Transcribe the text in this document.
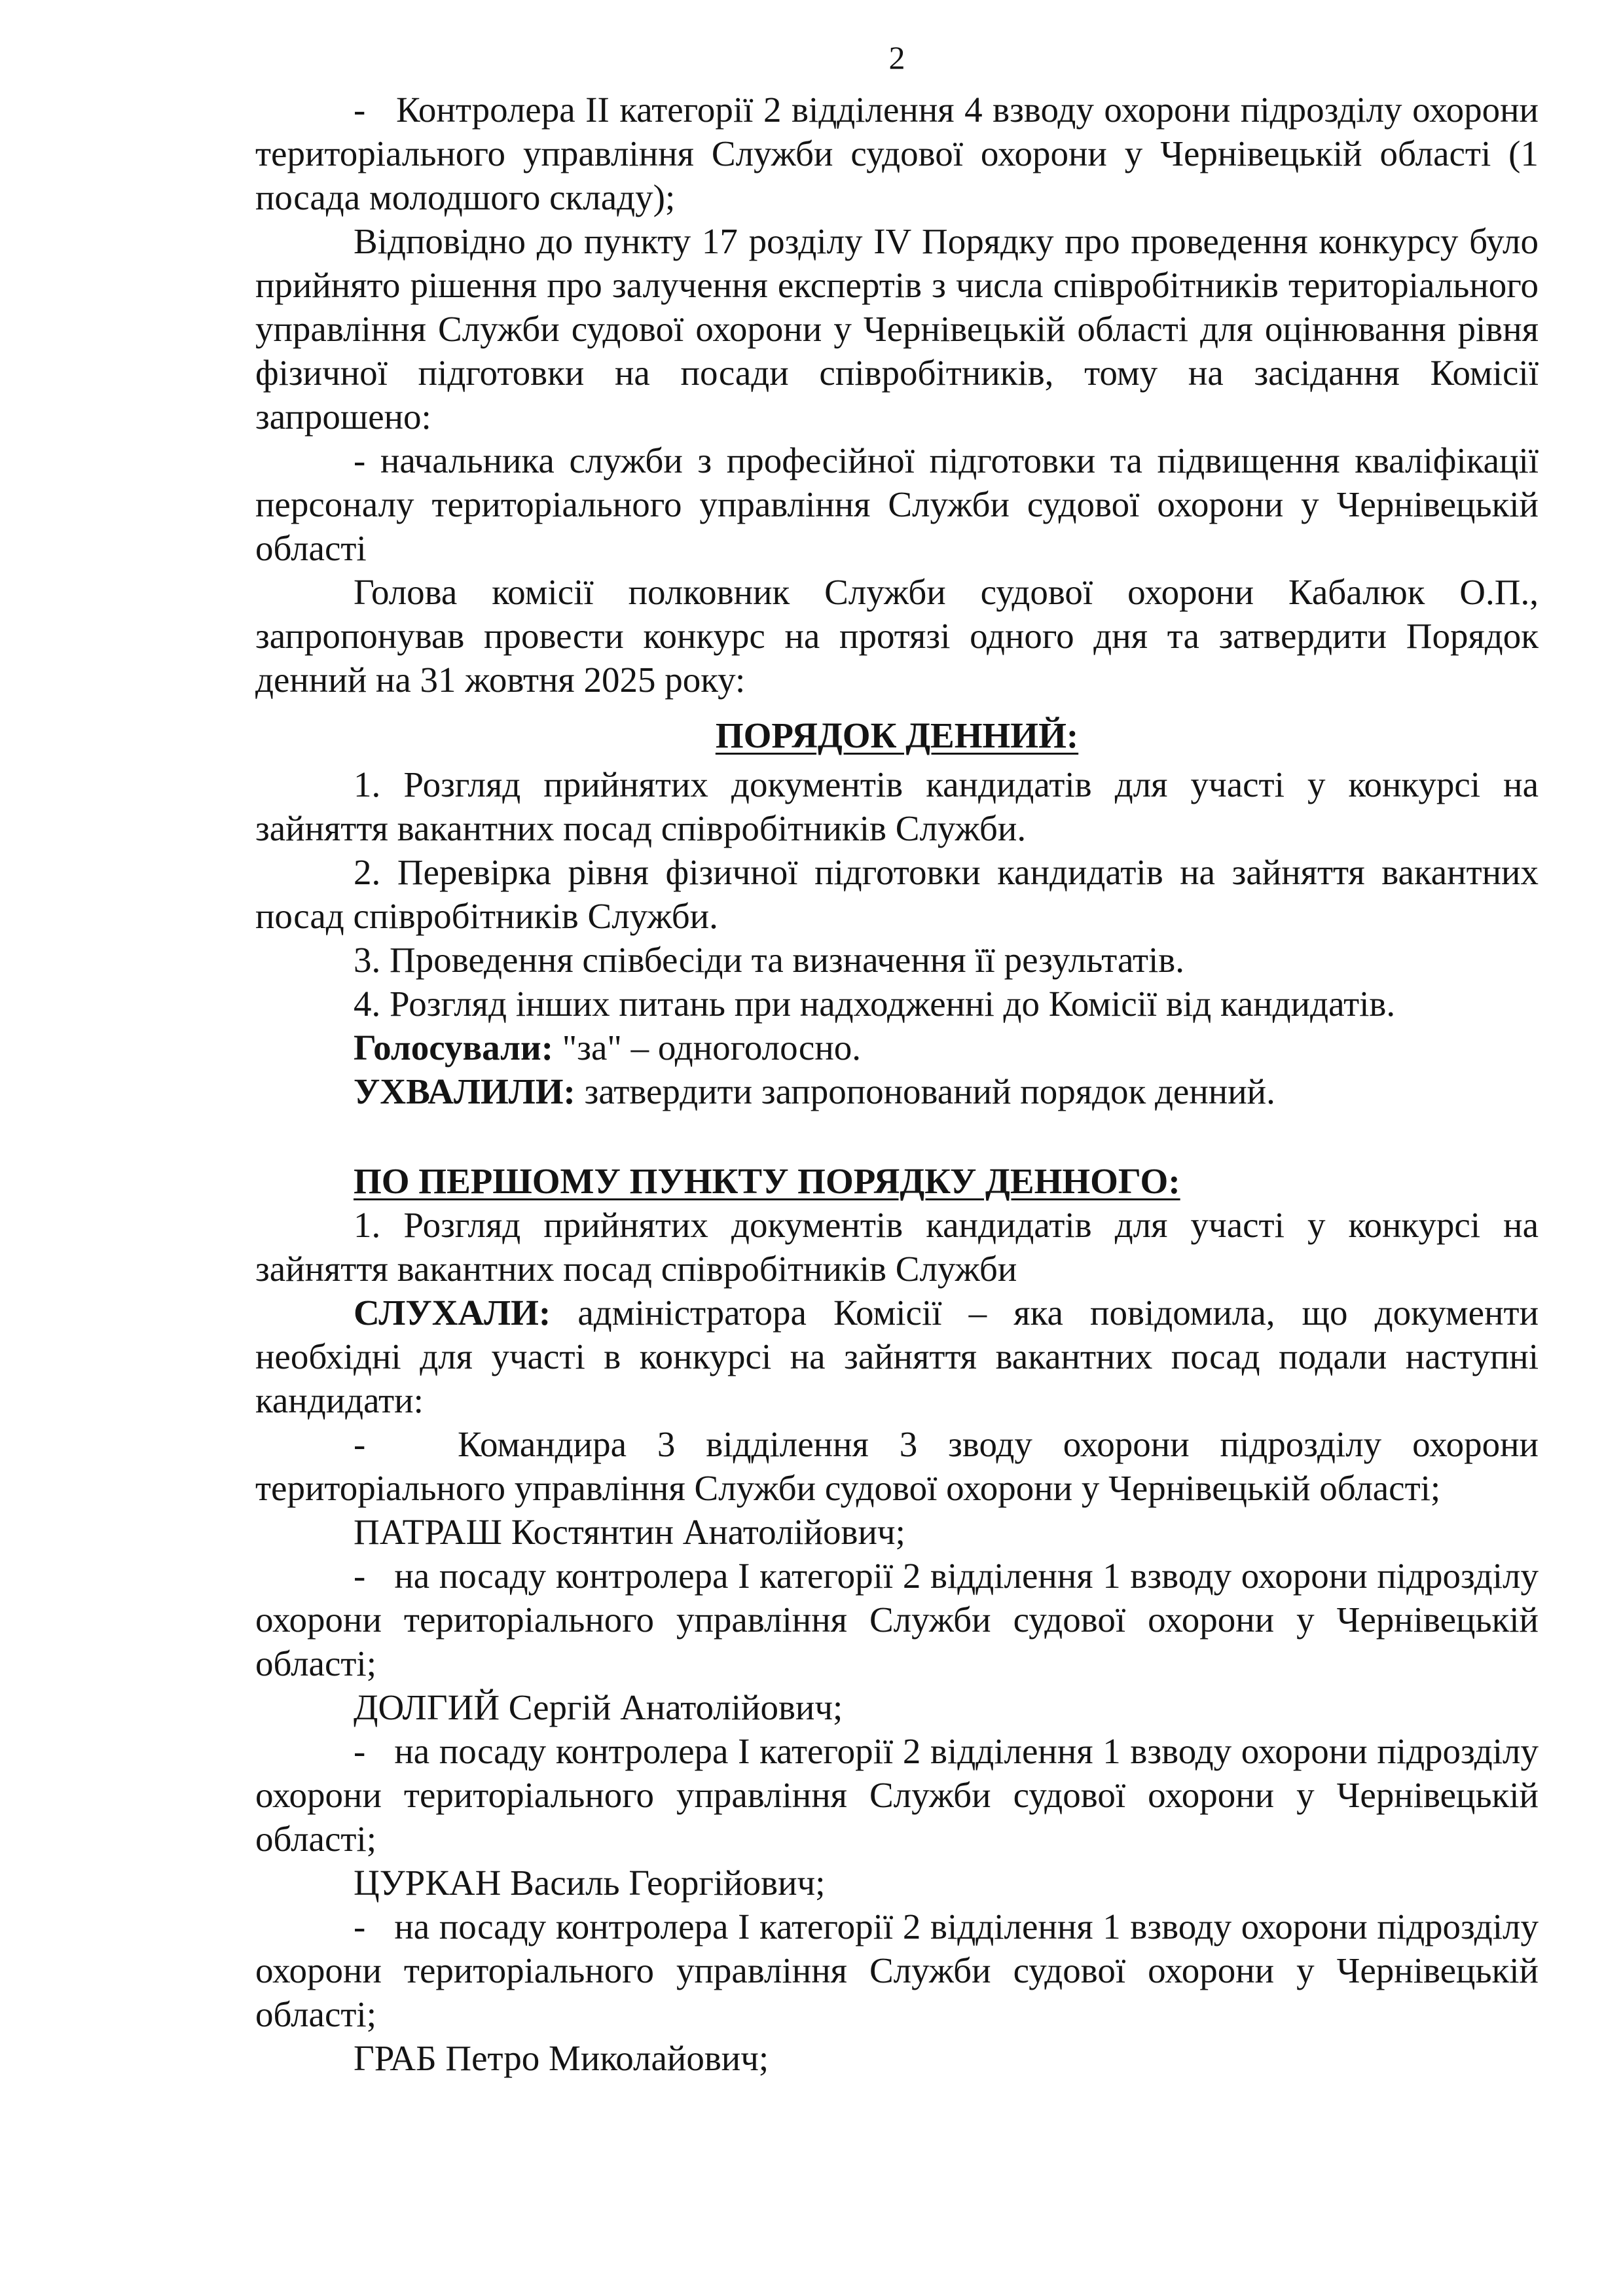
2

-   Контролера ІІ категорії 2 відділення 4 взводу охорони підрозділу охорони територіального управління Служби судової охорони у Чернівецькій області (1 посада молодшого складу);

Відповідно до пункту 17 розділу IV Порядку про проведення конкурсу було прийнято рішення про залучення експертів з числа співробітників територіального управління Служби судової охорони у Чернівецькій області для оцінювання рівня фізичної підготовки на посади співробітників, тому на засідання Комісії запрошено:

- начальника служби з професійної підготовки та підвищення кваліфікації персоналу територіального управління Служби судової охорони у Чернівецькій області

Голова комісії полковник Служби судової охорони Кабалюк О.П., запропонував провести конкурс на протязі одного дня та затвердити Порядок денний на 31 жовтня 2025 року:

ПОРЯДОК ДЕННИЙ:

1. Розгляд прийнятих документів кандидатів для участі у конкурсі на зайняття вакантних посад співробітників Служби.

2. Перевірка рівня фізичної підготовки кандидатів на зайняття вакантних посад співробітників Служби.

3. Проведення співбесіди та визначення її результатів.

4. Розгляд інших питань при надходженні до Комісії від кандидатів.

Голосували: "за" – одноголосно.

УХВАЛИЛИ: затвердити запропонований порядок денний.

ПО ПЕРШОМУ ПУНКТУ ПОРЯДКУ ДЕННОГО:

1. Розгляд прийнятих документів кандидатів для участі у конкурсі на зайняття вакантних посад співробітників Служби

СЛУХАЛИ: адміністратора Комісії – яка повідомила, що документи необхідні для участі в конкурсі на зайняття вакантних посад подали наступні кандидати:

-   Командира 3 відділення 3 зводу охорони підрозділу охорони територіального управління Служби судової охорони у Чернівецькій області;

ПАТРАШ Костянтин Анатолійович;

-   на посаду контролера І категорії 2 відділення 1 взводу охорони підрозділу охорони територіального управління Служби судової охорони у Чернівецькій області;

ДОЛГИЙ Сергій Анатолійович;

-   на посаду контролера І категорії 2 відділення 1 взводу охорони підрозділу охорони територіального управління Служби судової охорони у Чернівецькій області;

ЦУРКАН Василь Георгійович;

-   на посаду контролера І категорії 2 відділення 1 взводу охорони підрозділу охорони територіального управління Служби судової охорони у Чернівецькій області;

ГРАБ Петро Миколайович;
